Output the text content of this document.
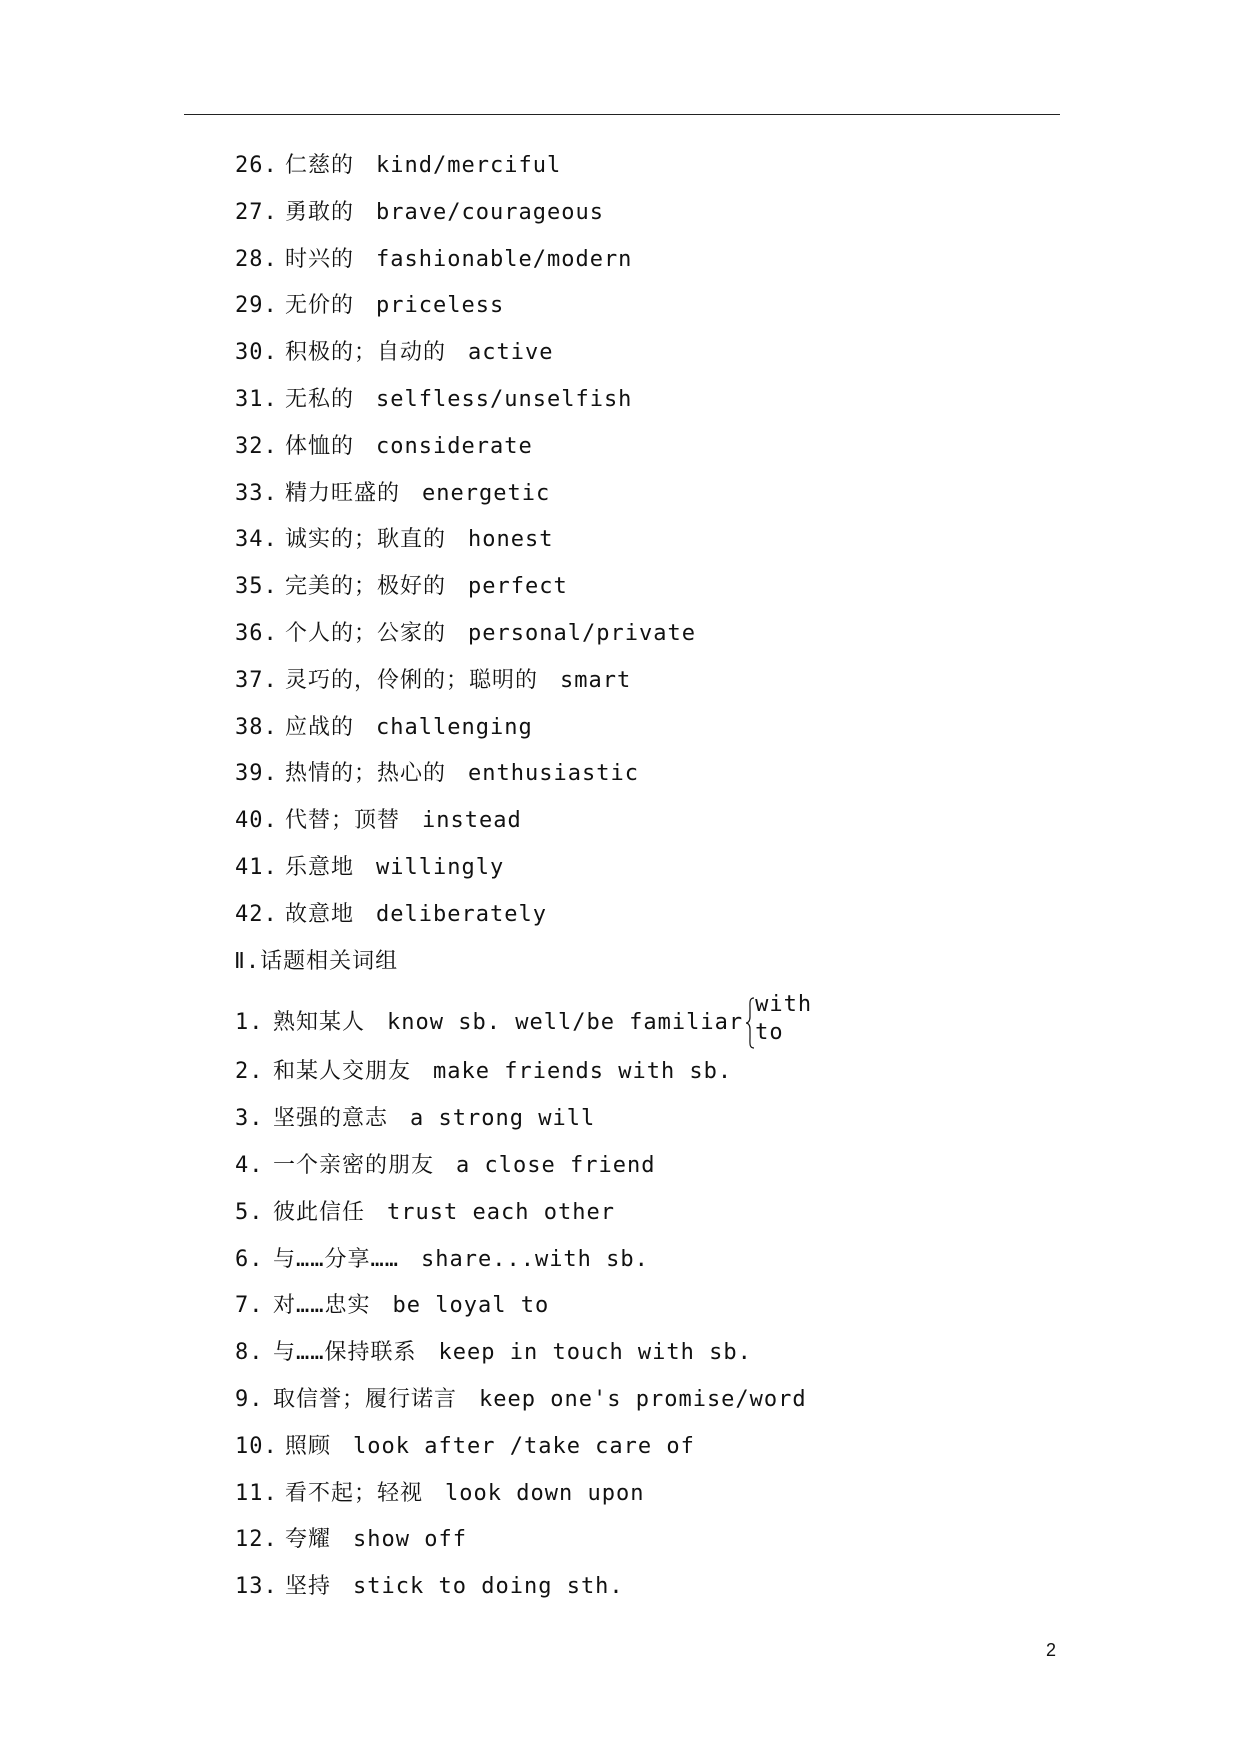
26. 仁慈的 kind/merciful
27. 勇敢的 brave/courageous
28. 时兴的 fashionable/modern
29. 无价的 priceless
30. 积极的；自动的 active
31. 无私的 selfless/unselfish
32. 体恤的 considerate
33. 精力旺盛的 energetic
34. 诚实的；耿直的 honest
35. 完美的；极好的 perfect
36. 个人的；公家的 personal/private
37. 灵巧的，伶俐的；聪明的 smart
38. 应战的 challenging
39. 热情的；热心的 enthusiastic
40. 代替；顶替 instead
41. 乐意地 willingly
42. 故意地 deliberately
Ⅱ.话题相关词组
1. 熟知某人 know sb. well/be familiar
with
to
2. 和某人交朋友 make friends with sb.
3. 坚强的意志 a strong will
4. 一个亲密的朋友 a close friend
5. 彼此信任 trust each other
6. 与……分享…… share...with sb.
7. 对……忠实 be loyal to
8. 与……保持联系 keep in touch with sb.
9. 取信誉；履行诺言 keep one's promise/word
10. 照顾 look after /take care of
11. 看不起；轻视 look down upon
12. 夸耀 show off
13. 坚持 stick to doing sth.
2
